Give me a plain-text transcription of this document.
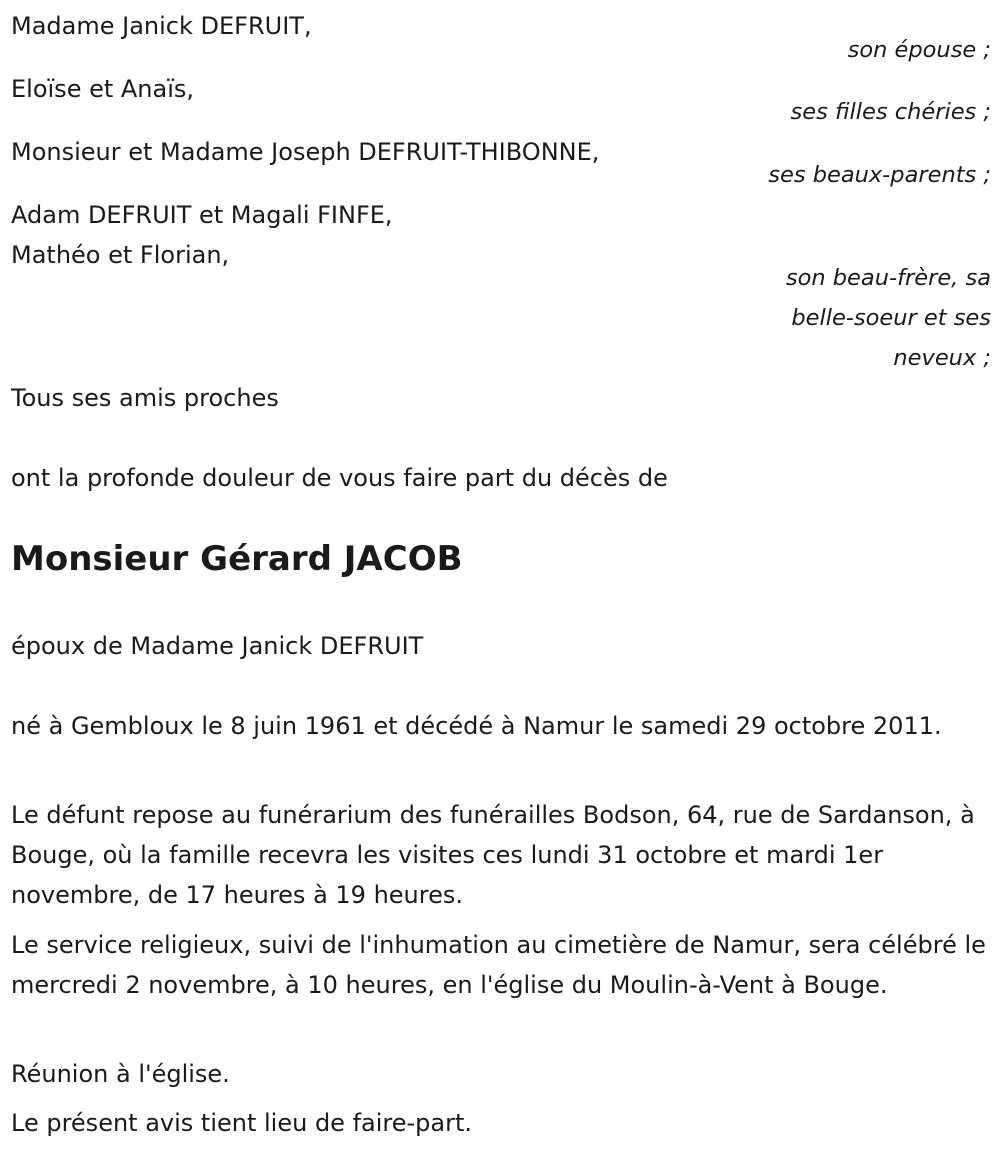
Madame Janick DEFRUIT,
son épouse ;
Eloïse et Anaïs,
ses filles chéries ;
Monsieur et Madame Joseph DEFRUIT-THIBONNE,
ses beaux-parents ;
Adam DEFRUIT et Magali FINFE,
Mathéo et Florian,
son beau-frère, sa
belle-soeur et ses
neveux ;
Tous ses amis proches
ont la profonde douleur de vous faire part du décès de
Monsieur Gérard JACOB
époux de Madame Janick DEFRUIT
né à Gembloux le 8 juin 1961 et décédé à Namur le samedi 29 octobre 2011.
Le défunt repose au funérarium des funérailles Bodson, 64, rue de Sardanson, à Bouge, où la famille recevra les visites ces lundi 31 octobre et mardi 1er novembre, de 17 heures à 19 heures.
Le service religieux, suivi de l'inhumation au cimetière de Namur, sera célébré le mercredi 2 novembre, à 10 heures, en l'église du Moulin-à-Vent à Bouge.
Réunion à l'église.
Le présent avis tient lieu de faire-part.
